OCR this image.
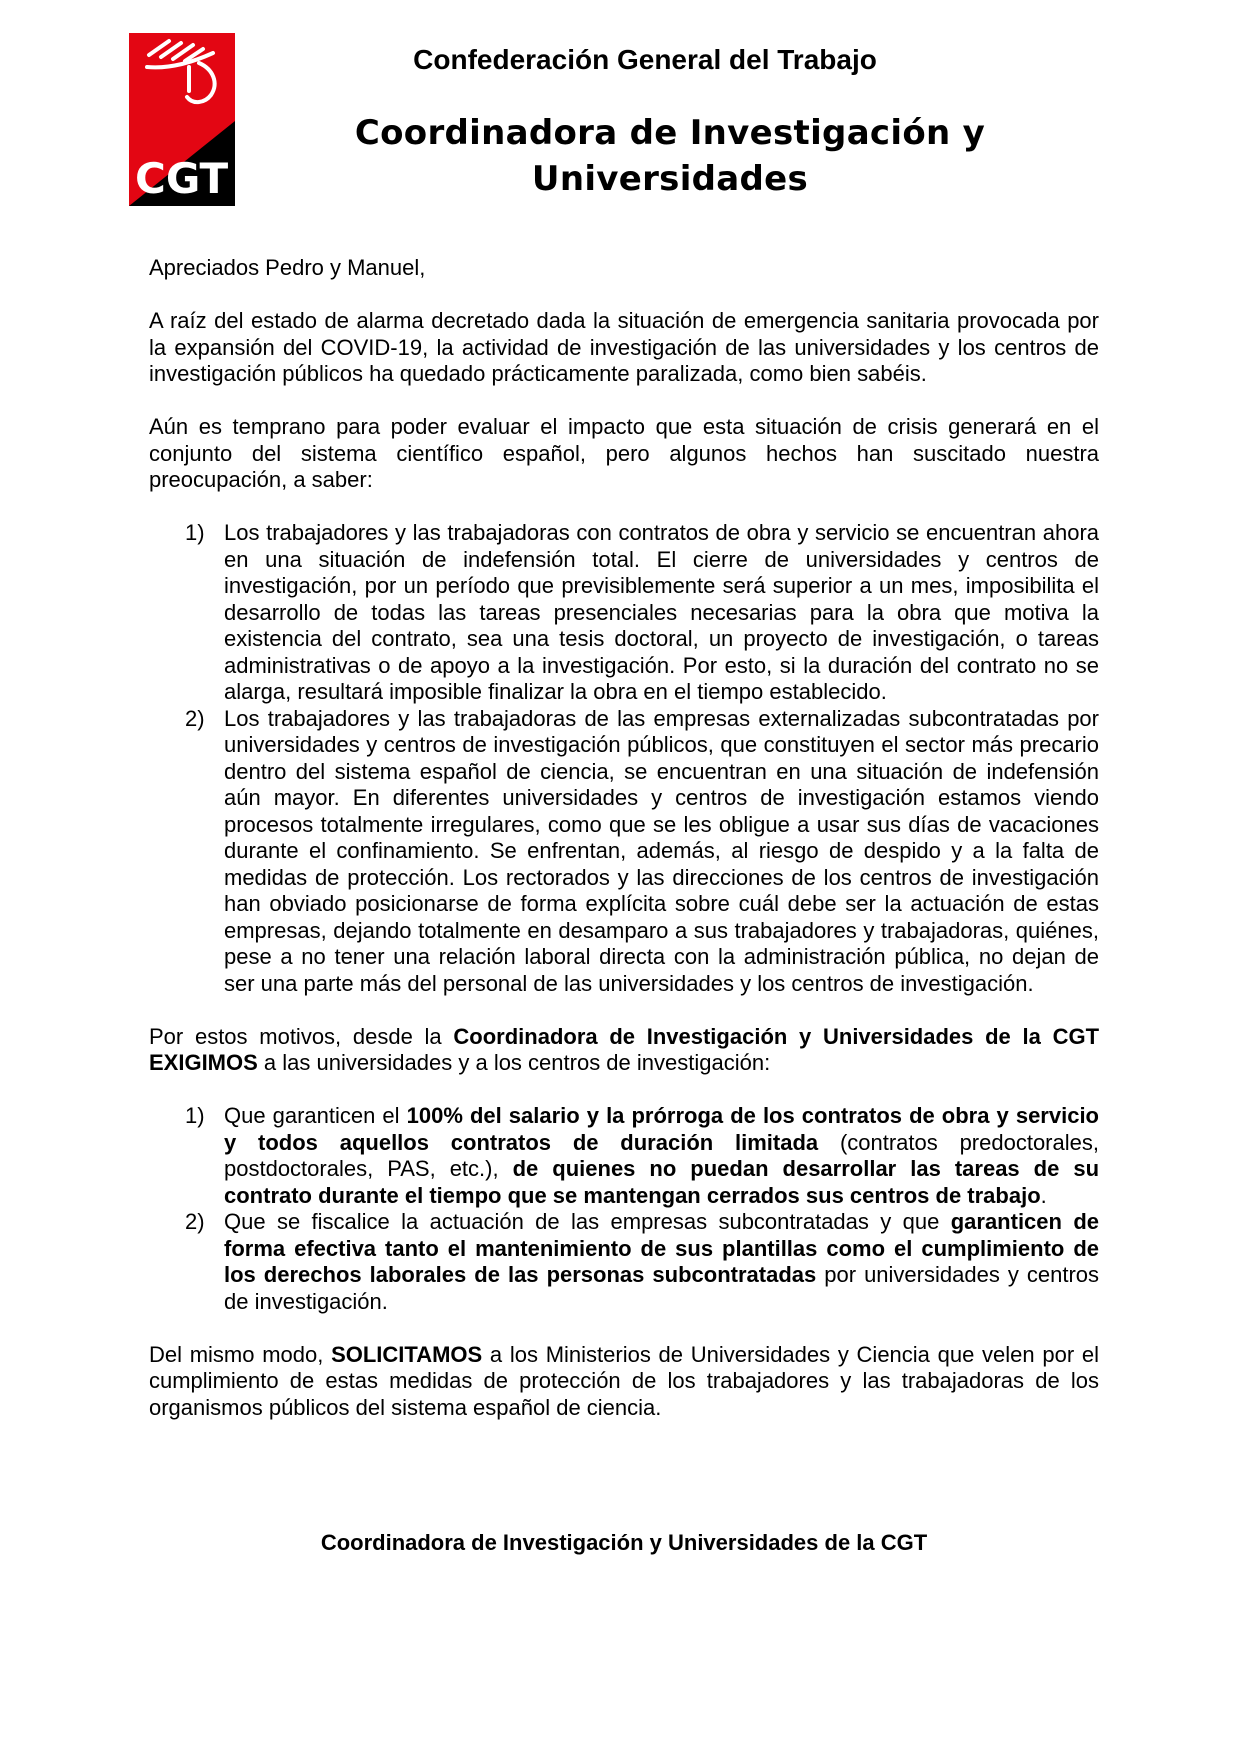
CGT
Confederación General del Trabajo
Coordinadora de Investigación y
Universidades

Apreciados Pedro y Manuel,

A raíz del estado de alarma decretado dada la situación de emergencia sanitaria provocada por la expansión del COVID-19, la actividad de investigación de las universidades y los centros de investigación públicos ha quedado prácticamente paralizada, como bien sabéis.

Aún es temprano para poder evaluar el impacto que esta situación de crisis generará en el conjunto del sistema científico español, pero algunos hechos han suscitado nuestra preocupación, a saber:

1) Los trabajadores y las trabajadoras con contratos de obra y servicio se encuentran ahora en una situación de indefensión total. El cierre de universidades y centros de investigación, por un período que previsiblemente será superior a un mes, imposibilita el desarrollo de todas las tareas presenciales necesarias para la obra que motiva la existencia del contrato, sea una tesis doctoral, un proyecto de investigación, o tareas administrativas o de apoyo a la investigación. Por esto, si la duración del contrato no se alarga, resultará imposible finalizar la obra en el tiempo establecido.
2) Los trabajadores y las trabajadoras de las empresas externalizadas subcontratadas por universidades y centros de investigación públicos, que constituyen el sector más precario dentro del sistema español de ciencia, se encuentran en una situación de indefensión aún mayor. En diferentes universidades y centros de investigación estamos viendo procesos totalmente irregulares, como que se les obligue a usar sus días de vacaciones durante el confinamiento. Se enfrentan, además, al riesgo de despido y a la falta de medidas de protección. Los rectorados y las direcciones de los centros de investigación han obviado posicionarse de forma explícita sobre cuál debe ser la actuación de estas empresas, dejando totalmente en desamparo a sus trabajadores y trabajadoras, quiénes, pese a no tener una relación laboral directa con la administración pública, no dejan de ser una parte más del personal de las universidades y los centros de investigación.

Por estos motivos, desde la Coordinadora de Investigación y Universidades de la CGT EXIGIMOS a las universidades y a los centros de investigación:

1) Que garanticen el 100% del salario y la prórroga de los contratos de obra y servicio y todos aquellos contratos de duración limitada (contratos predoctorales, postdoctorales, PAS, etc.), de quienes no puedan desarrollar las tareas de su contrato durante el tiempo que se mantengan cerrados sus centros de trabajo.
2) Que se fiscalice la actuación de las empresas subcontratadas y que garanticen de forma efectiva tanto el mantenimiento de sus plantillas como el cumplimiento de los derechos laborales de las personas subcontratadas por universidades y centros de investigación.

Del mismo modo, SOLICITAMOS a los Ministerios de Universidades y Ciencia que velen por el cumplimiento de estas medidas de protección de los trabajadores y las trabajadoras de los organismos públicos del sistema español de ciencia.

Coordinadora de Investigación y Universidades de la CGT
